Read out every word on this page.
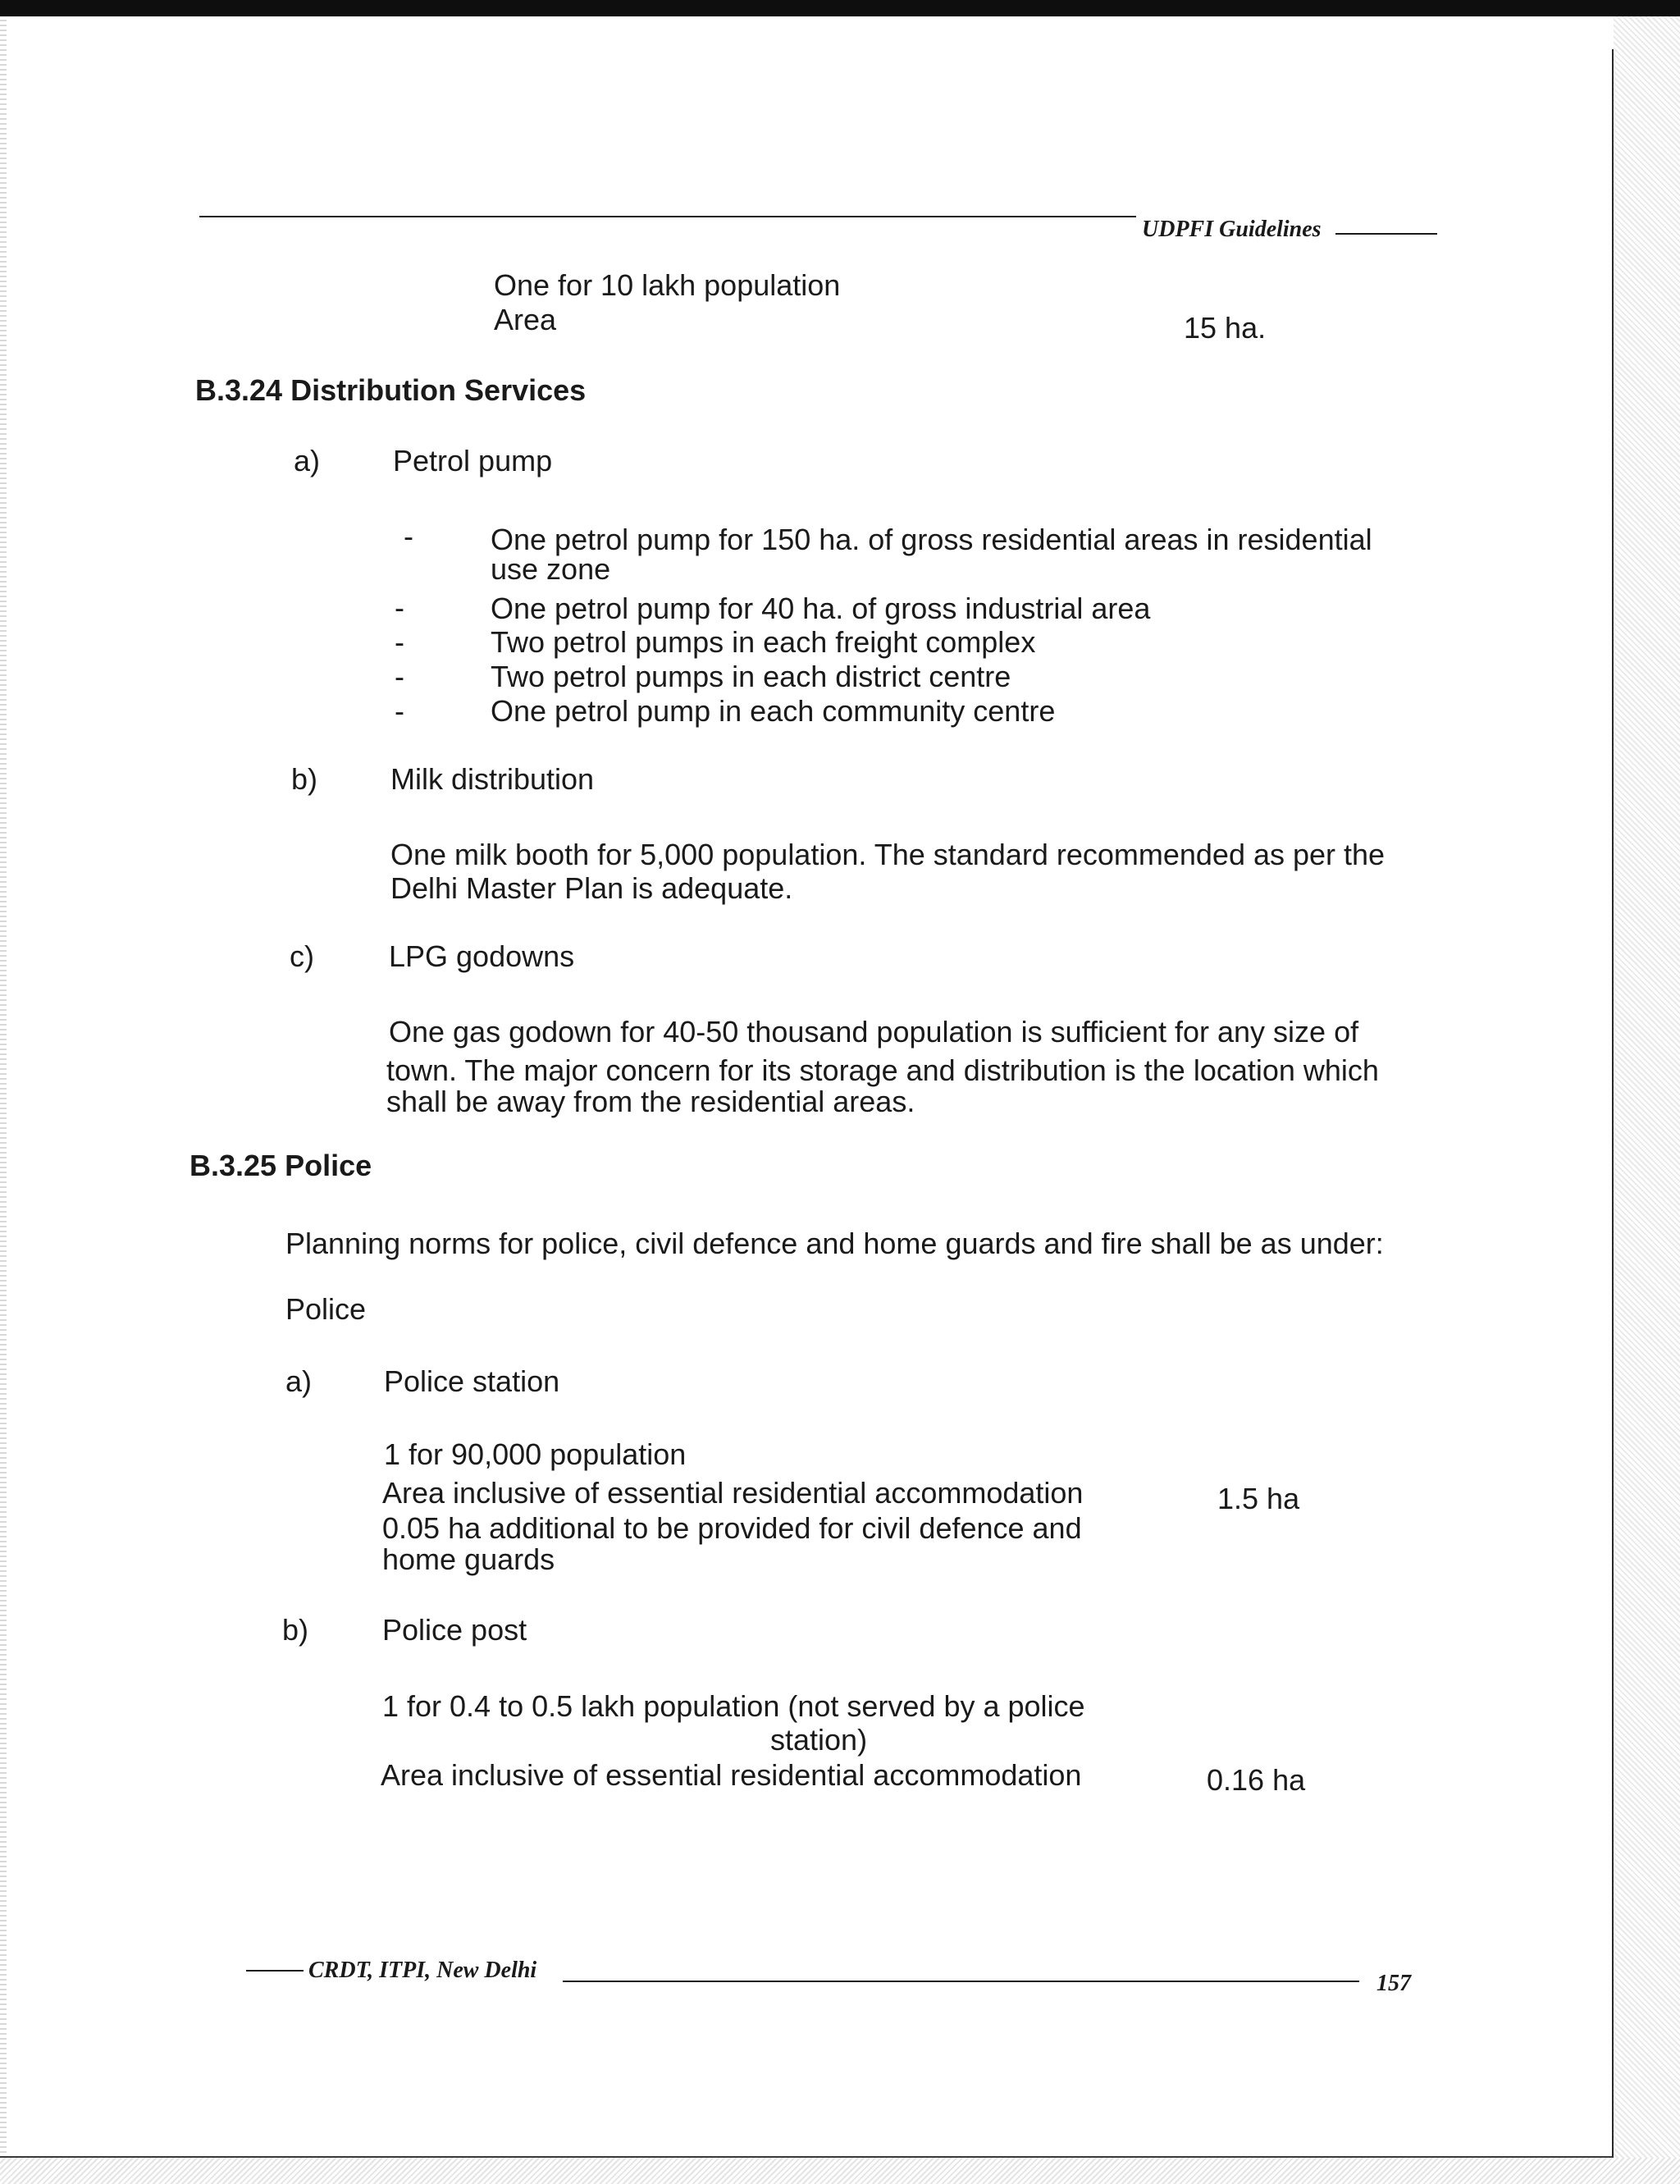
UDPFI Guidelines
One for 10 lakh population
Area	15 ha.
B.3.24 Distribution Services
a) Petrol pump
-	One petrol pump for 150 ha. of gross residential areas in residential
use zone
-	One petrol pump for 40 ha. of gross industrial area
-	Two petrol pumps in each freight complex
-	Two petrol pumps in each district centre
-	One petrol pump in each community centre
b) Milk distribution
One milk booth for 5,000 population. The standard recommended as per the
Delhi Master Plan is adequate.
c)	LPG godowns
One gas godown for 40-50 thousand population is sufficient for any size of
town. The major concern for its storage and distribution is the location which
shall be away from the residential areas.
B.3.25 Police
Planning norms for police, civil defence and home guards and fire shall be as under:
Police
a) Police station
1 for 90,000 population
Area inclusive of essential residential accommodation	1.5 ha
0.05 ha additional to be provided for civil defence and
home guards
b) Police post
1 for 0.4 to 0.5 lakh population (not served by a police
station)
Area inclusive of essential residential accommodation	0.16 ha
CRDT, ITPI, New Delhi
157
